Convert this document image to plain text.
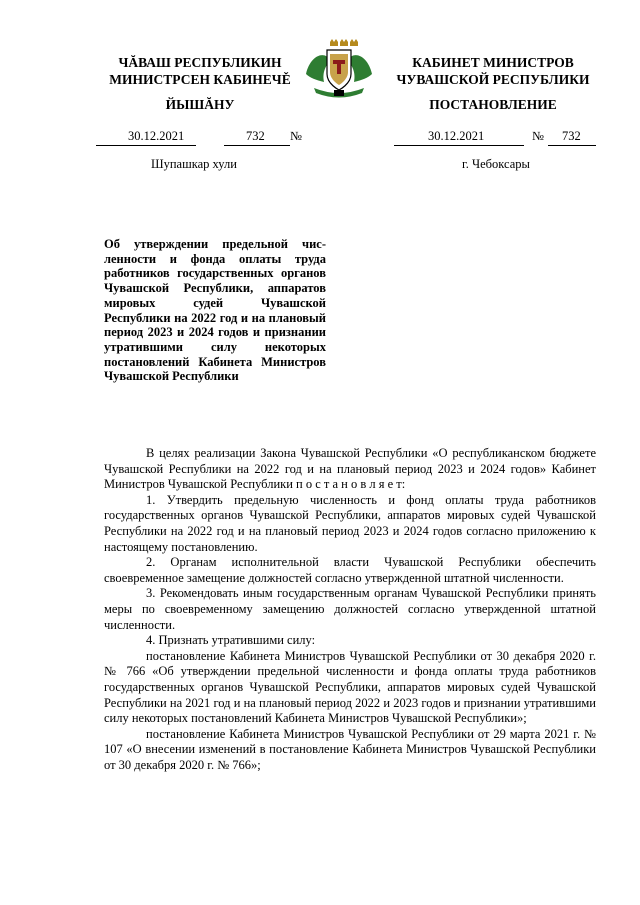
ЧĂВАШ РЕСПУБЛИКИН
МИНИСТРСЕН КАБИНЕЧĚ
ЙЫШĂНУ
КАБИНЕТ МИНИСТРОВ
ЧУВАШСКОЙ РЕСПУБЛИКИ
ПОСТАНОВЛЕНИЕ
30.12.2021	732 №	30.12.2021	№ 732
Шупашкар хули	г. Чебоксары
Об утверждении предельной численности и фонда оплаты труда работников государственных органов Чувашской Республики, аппаратов мировых судей Чувашской Республики на 2022 год и на плановый период 2023 и 2024 годов и признании утратившими силу некоторых постановлений Кабинета Министров Чувашской Республики

В целях реализации Закона Чувашской Республики «О республиканском бюджете Чувашской Республики на 2022 год и на плановый период 2023 и 2024 годов» Кабинет Министров Чувашской Республики п о с т а н о в л я е т:

1. Утвердить предельную численность и фонд оплаты труда работников государственных органов Чувашской Республики, аппаратов мировых судей Чувашской Республики на 2022 год и на плановый период 2023 и 2024 годов согласно приложению к настоящему постановлению.

2. Органам исполнительной власти Чувашской Республики обеспечить своевременное замещение должностей согласно утвержденной штатной численности.

3. Рекомендовать иным государственным органам Чувашской Республики принять меры по своевременному замещению должностей согласно утвержденной штатной численности.

4. Признать утратившими силу:

постановление Кабинета Министров Чувашской Республики от 30 декабря 2020 г. № 766 «Об утверждении предельной численности и фонда оплаты труда работников государственных органов Чувашской Республики, аппаратов мировых судей Чувашской Республики на 2021 год и на плановый период 2022 и 2023 годов и признании утратившими силу некоторых постановлений Кабинета Министров Чувашской Республики»;

постановление Кабинета Министров Чувашской Республики от 29 марта 2021 г. № 107 «О внесении изменений в постановление Кабинета Министров Чувашской Республики от 30 декабря 2020 г. № 766»;
